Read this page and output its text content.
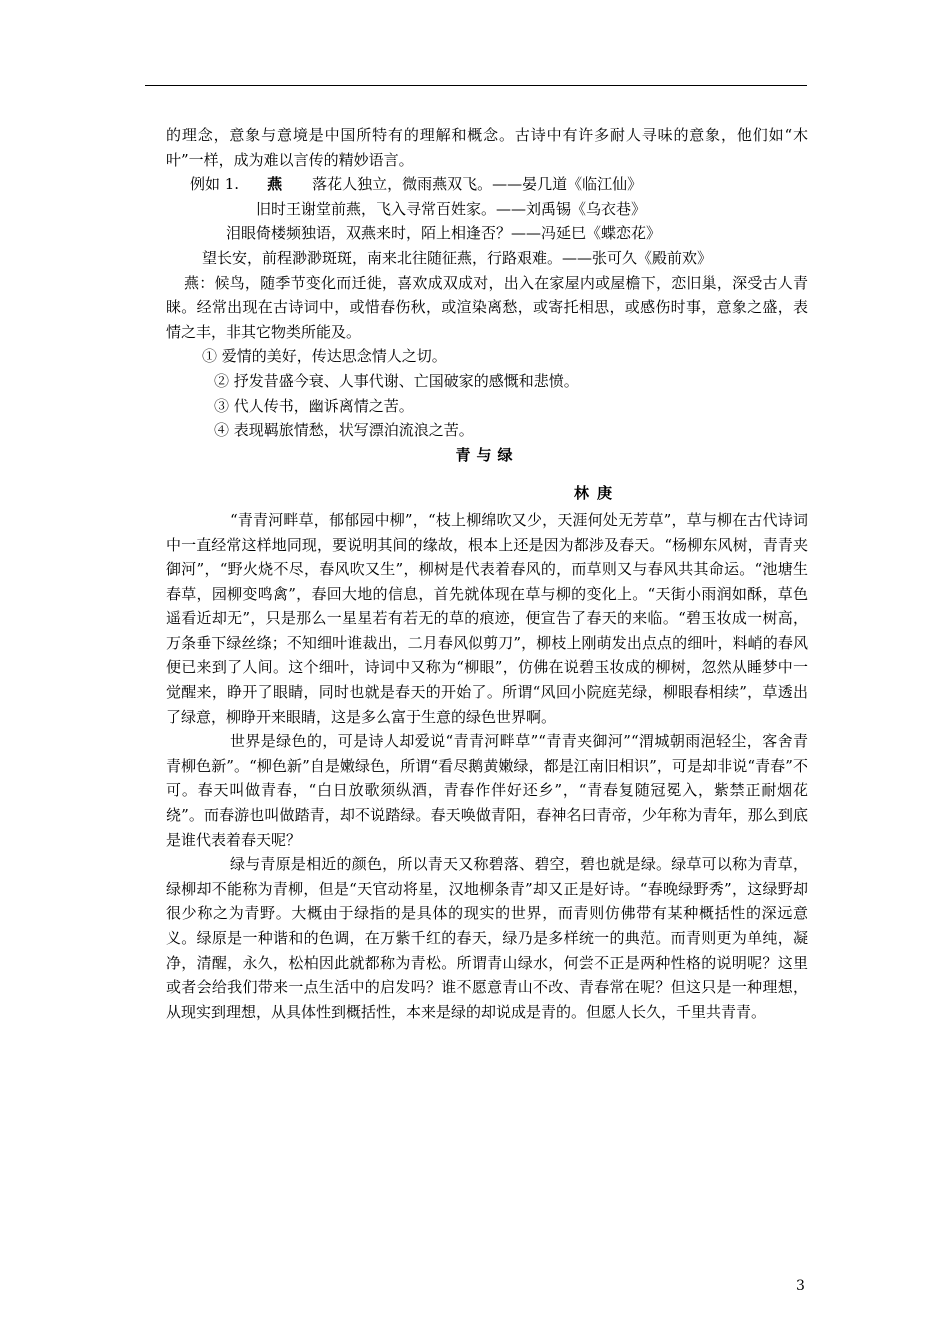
的理念，意象与意境是中国所特有的理解和概念。古诗中有许多耐人寻味的意象，他们如“木叶”一样，成为难以言传的精妙语言。

例如 1. 燕 落花人独立，微雨燕双飞。——晏几道《临江仙》

旧时王谢堂前燕，飞入寻常百姓家。——刘禹锡《乌衣巷》

泪眼倚楼频独语，双燕来时，陌上相逢否？——冯延巳《蝶恋花》

望长安，前程渺渺斑斑，南来北往随征燕，行路艰难。——张可久《殿前欢》

燕：候鸟，随季节变化而迁徙，喜欢成双成对，出入在家屋内或屋檐下，恋旧巢，深受古人青睐。经常出现在古诗词中，或惜春伤秋，或渲染离愁，或寄托相思，或感伤时事，意象之盛，表情之丰，非其它物类所能及。

① 爱情的美好，传达思念情人之切。

② 抒发昔盛今衰、人事代谢、亡国破家的感慨和悲愤。

③ 代人传书，幽诉离情之苦。

④ 表现羁旅情愁，状写漂泊流浪之苦。

青与绿

林庚

“青青河畔草，郁郁园中柳”，“枝上柳绵吹又少，天涯何处无芳草”，草与柳在古代诗词中一直经常这样地同现，要说明其间的缘故，根本上还是因为都涉及春天。“杨柳东风树，青青夹御河”，“野火烧不尽，春风吹又生”，柳树是代表着春风的，而草则又与春风共其命运。“池塘生春草，园柳变鸣禽”，春回大地的信息，首先就体现在草与柳的变化上。“天街小雨润如酥，草色遥看近却无”，只是那么一星星若有若无的草的痕迹，便宣告了春天的来临。“碧玉妆成一树高，万条垂下绿丝绦；不知细叶谁裁出，二月春风似剪刀”，柳枝上刚萌发出点点的细叶，料峭的春风便已来到了人间。这个细叶，诗词中又称为“柳眼”，仿佛在说碧玉妆成的柳树，忽然从睡梦中一觉醒来，睁开了眼睛，同时也就是春天的开始了。所谓“风回小院庭芜绿，柳眼春相续”，草透出了绿意，柳睁开来眼睛，这是多么富于生意的绿色世界啊。

世界是绿色的，可是诗人却爱说“青青河畔草”“青青夹御河”“渭城朝雨浥轻尘，客舍青青柳色新”。“柳色新”自是嫩绿色，所谓“看尽鹅黄嫩绿，都是江南旧相识”，可是却非说“青春”不可。春天叫做青春，“白日放歌须纵酒，青春作伴好还乡”，“青春复随冠冕入，紫禁正耐烟花绕”。而春游也叫做踏青，却不说踏绿。春天唤做青阳，春神名曰青帝，少年称为青年，那么到底是谁代表着春天呢？

绿与青原是相近的颜色，所以青天又称碧落、碧空，碧也就是绿。绿草可以称为青草，绿柳却不能称为青柳，但是“天官动将星，汉地柳条青”却又正是好诗。“春晚绿野秀”，这绿野却很少称之为青野。大概由于绿指的是具体的现实的世界，而青则仿佛带有某种概括性的深远意义。绿原是一种谐和的色调，在万紫千红的春天，绿乃是多样统一的典范。而青则更为单纯，凝净，清醒，永久，松柏因此就都称为青松。所谓青山绿水，何尝不正是两种性格的说明呢？这里或者会给我们带来一点生活中的启发吗？谁不愿意青山不改、青春常在呢？但这只是一种理想，从现实到理想，从具体性到概括性，本来是绿的却说成是青的。但愿人长久，千里共青青。

3
